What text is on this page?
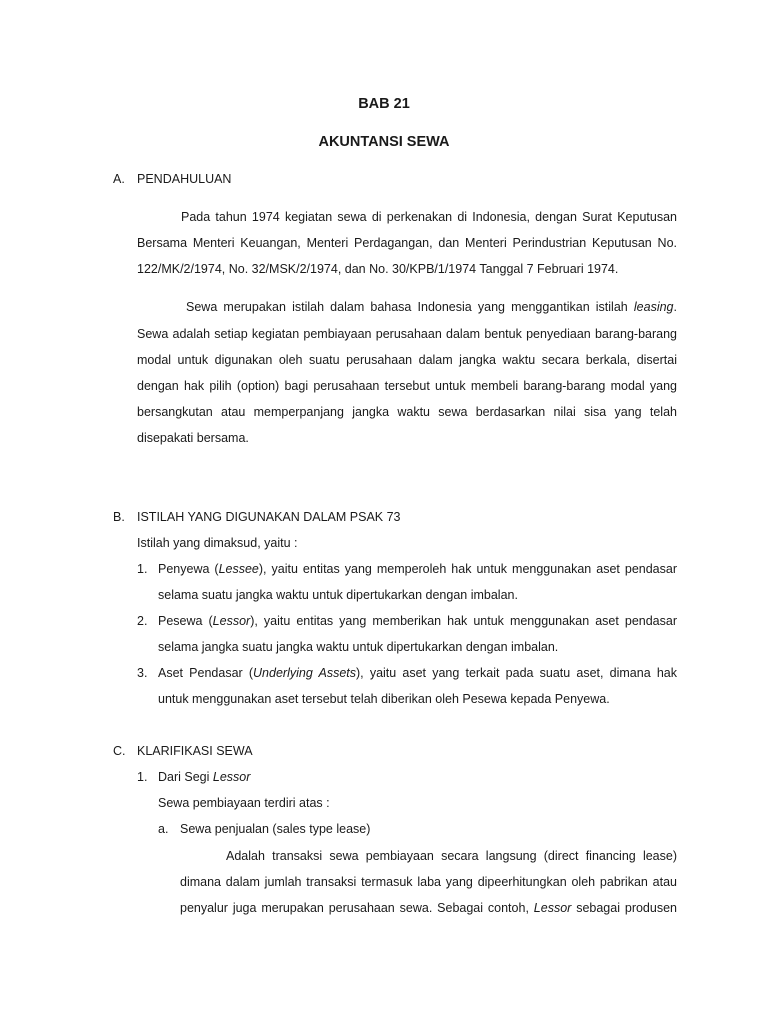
BAB 21

AKUNTANSI SEWA

A. PENDAHULUAN

Pada tahun 1974 kegiatan sewa di perkenakan di Indonesia, dengan Surat Keputusan

Bersama Menteri Keuangan, Menteri Perdagangan, dan Menteri Perindustrian Keputusan No.

122/MK/2/1974, No. 32/MSK/2/1974, dan No. 30/KPB/1/1974 Tanggal 7 Februari 1974.

Sewa merupakan istilah dalam bahasa Indonesia yang menggantikan istilah leasing.

Sewa adalah setiap kegiatan pembiayaan perusahaan dalam bentuk penyediaan barang-barang

modal untuk digunakan oleh suatu perusahaan dalam jangka waktu secara berkala, disertai

dengan hak pilih (option) bagi perusahaan tersebut untuk membeli barang-barang modal yang

bersangkutan atau memperpanjang jangka waktu sewa berdasarkan nilai sisa yang telah

disepakati bersama.

B. ISTILAH YANG DIGUNAKAN DALAM PSAK 73

Istilah yang dimaksud, yaitu :

1. Penyewa (Lessee), yaitu entitas yang memperoleh hak untuk menggunakan aset pendasar

selama suatu jangka waktu untuk dipertukarkan dengan imbalan.

2. Pesewa (Lessor), yaitu entitas yang memberikan hak untuk menggunakan aset pendasar

selama jangka suatu jangka waktu untuk dipertukarkan dengan imbalan.

3. Aset Pendasar (Underlying Assets), yaitu aset yang terkait pada suatu aset, dimana hak

untuk menggunakan aset tersebut telah diberikan oleh Pesewa kepada Penyewa.

C. KLARIFIKASI SEWA

1. Dari Segi Lessor

Sewa pembiayaan terdiri atas :

a. Sewa penjualan (sales type lease)

Adalah transaksi sewa pembiayaan secara langsung (direct financing lease)

dimana dalam jumlah transaksi termasuk laba yang dipeerhitungkan oleh pabrikan atau

penyalur juga merupakan perusahaan sewa. Sebagai contoh, Lessor sebagai produsen
